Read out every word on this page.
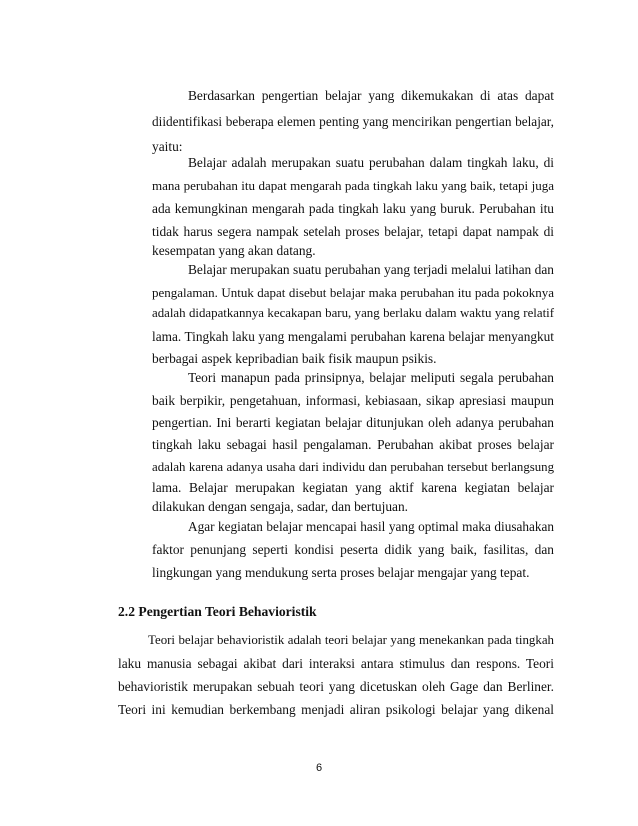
Berdasarkan pengertian belajar yang dikemukakan di atas dapat
diidentifikasi beberapa elemen penting yang mencirikan pengertian belajar,
yaitu:
Belajar adalah merupakan suatu perubahan dalam tingkah laku, di
mana perubahan itu dapat mengarah pada tingkah laku yang baik, tetapi juga
ada kemungkinan mengarah pada tingkah laku yang buruk. Perubahan itu
tidak harus segera nampak setelah proses belajar, tetapi dapat nampak di
kesempatan yang akan datang.
Belajar merupakan suatu perubahan yang terjadi melalui latihan dan
pengalaman. Untuk dapat disebut belajar maka perubahan itu pada pokoknya
adalah didapatkannya kecakapan baru, yang berlaku dalam waktu yang relatif
lama. Tingkah laku yang mengalami perubahan karena belajar menyangkut
berbagai aspek kepribadian baik fisik maupun psikis.
Teori manapun pada prinsipnya, belajar meliputi segala perubahan
baik berpikir, pengetahuan, informasi, kebiasaan, sikap apresiasi maupun
pengertian. Ini berarti kegiatan belajar ditunjukan oleh adanya perubahan
tingkah laku sebagai hasil pengalaman. Perubahan akibat proses belajar
adalah karena adanya usaha dari individu dan perubahan tersebut berlangsung
lama. Belajar merupakan kegiatan yang aktif karena kegiatan belajar
dilakukan dengan sengaja, sadar, dan bertujuan.
Agar kegiatan belajar mencapai hasil yang optimal maka diusahakan
faktor penunjang seperti kondisi peserta didik yang baik, fasilitas, dan
lingkungan yang mendukung serta proses belajar mengajar yang tepat.
2.2 Pengertian Teori Behavioristik
Teori belajar behavioristik adalah teori belajar yang menekankan pada tingkah
laku manusia sebagai akibat dari interaksi antara stimulus dan respons. Teori
behavioristik merupakan sebuah teori yang dicetuskan oleh Gage dan Berliner.
Teori ini kemudian berkembang menjadi aliran psikologi belajar yang dikenal
6
